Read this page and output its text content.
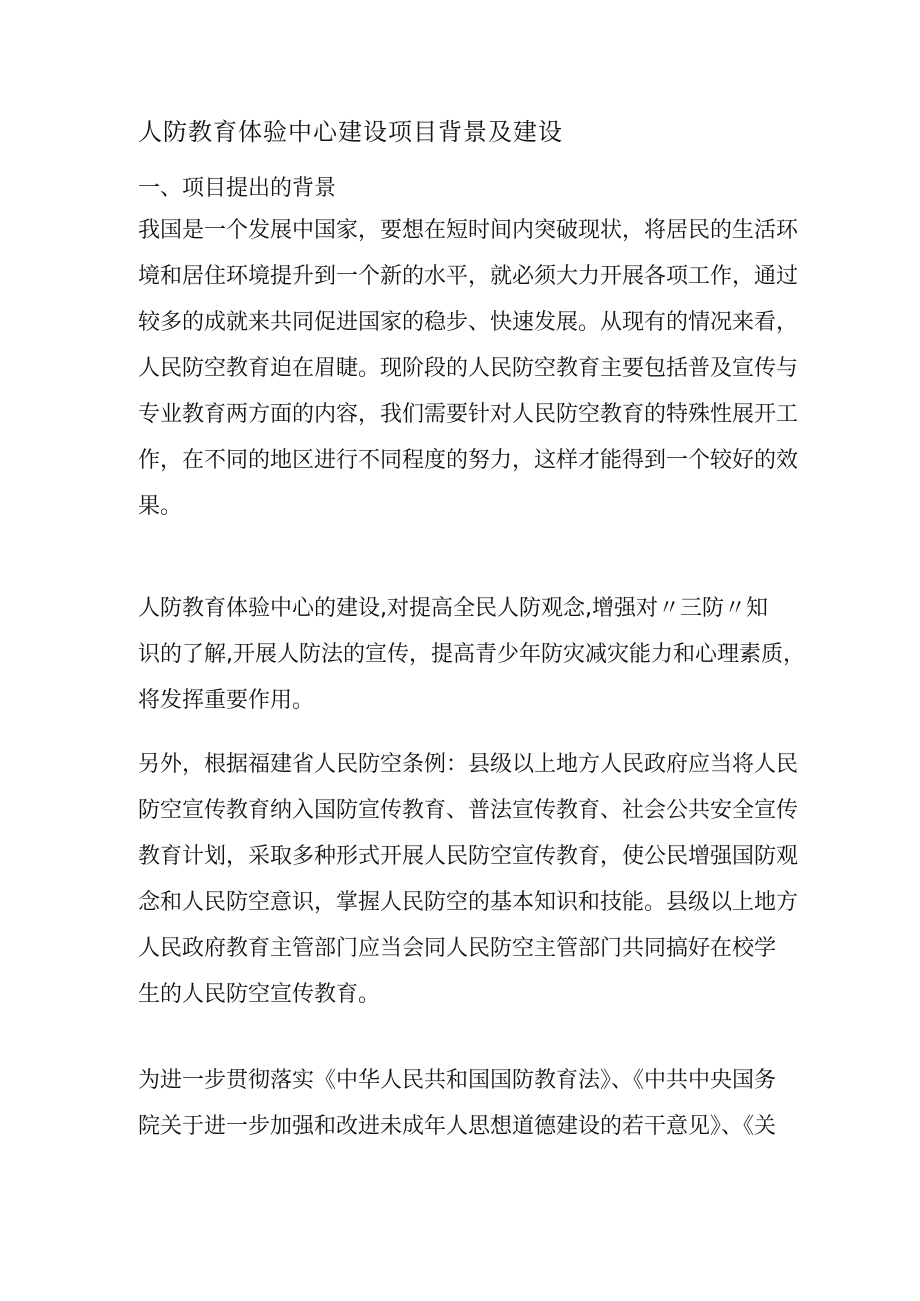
人防教育体验中心建设项目背景及建设
一、项目提出的背景

我国是一个发展中国家，要想在短时间内突破现状，将居民的生活环
境和居住环境提升到一个新的水平，就必须大力开展各项工作，通过
较多的成就来共同促进国家的稳步、快速发展。从现有的情况来看，
人民防空教育迫在眉睫。现阶段的人民防空教育主要包括普及宣传与
专业教育两方面的内容，我们需要针对人民防空教育的特殊性展开工
作，在不同的地区进行不同程度的努力，这样才能得到一个较好的效
果。

人防教育体验中心的建设,对提高全民人防观念,增强对〃三防〃知
识的了解,开展人防法的宣传，提高青少年防灾减灾能力和心理素质，
将发挥重要作用。

另外，根据福建省人民防空条例：县级以上地方人民政府应当将人民
防空宣传教育纳入国防宣传教育、普法宣传教育、社会公共安全宣传
教育计划，采取多种形式开展人民防空宣传教育，使公民增强国防观
念和人民防空意识，掌握人民防空的基本知识和技能。县级以上地方
人民政府教育主管部门应当会同人民防空主管部门共同搞好在校学
生的人民防空宣传教育。

为进一步贯彻落实《中华人民共和国国防教育法》、《中共中央国务
院关于进一步加强和改进未成年人思想道德建设的若干意见》、《关
